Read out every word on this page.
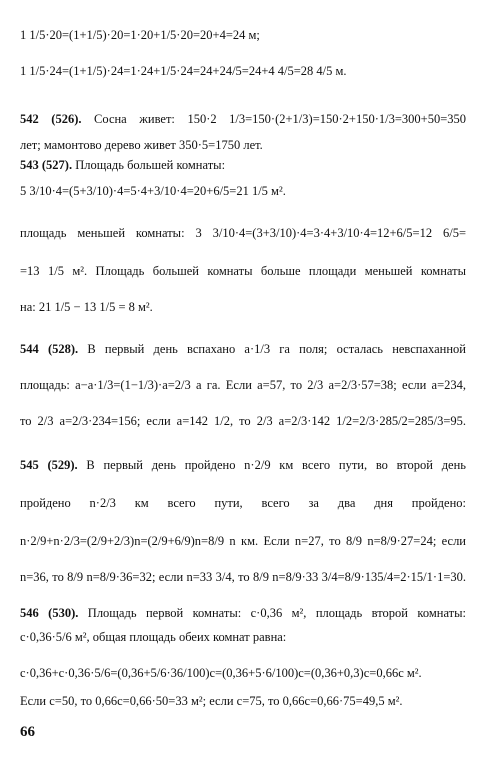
1 1/5·20=(1+1/5)·20=1·20+1/5·20=20+4=24 м;
1 1/5·24=(1+1/5)·24=1·24+1/5·24=24+24/5=24+4 4/5=28 4/5 м.
542 (526). Сосна живет: 150·2 1/3=150·(2+1/3)=150·2+150·1/3=300+50=350
лет; мамонтово дерево живет 350·5=1750 лет.
543 (527). Площадь большей комнаты:
5 3/10·4=(5+3/10)·4=5·4+3/10·4=20+6/5=21 1/5 м².
площадь меньшей комнаты: 3 3/10·4=(3+3/10)·4=3·4+3/10·4=12+6/5=12 6/5=
=13 1/5 м². Площадь большей комнаты больше площади меньшей комнаты
на: 21 1/5 − 13 1/5 = 8 м².
544 (528). В первый день вспахано a·1/3 га поля; осталась невспаханной
площадь: a−a·1/3=(1−1/3)·a=2/3 a га. Если a=57, то 2/3 a=2/3·57=38; если a=234,
то 2/3 a=2/3·234=156; если a=142 1/2, то 2/3 a=2/3·142 1/2=2/3·285/2=285/3=95.
545 (529). В первый день пройдено n·2/9 км всего пути, во второй день
пройдено n·2/3 км всего пути, всего за два дня пройдено:
n·2/9+n·2/3=(2/9+2/3)n=(2/9+6/9)n=8/9 n км. Если n=27, то 8/9 n=8/9·27=24; если
n=36, то 8/9 n=8/9·36=32; если n=33 3/4, то 8/9 n=8/9·33 3/4=8/9·135/4=2·15/1·1=30.
546 (530). Площадь первой комнаты: c·0,36 м², площадь второй комнаты:
c·0,36·5/6 м², общая площадь обеих комнат равна:
c·0,36+c·0,36·5/6=(0,36+5/6·36/100)c=(0,36+5·6/100)c=(0,36+0,3)c=0,66c м².
Если c=50, то 0,66c=0,66·50=33 м²; если c=75, то 0,66c=0,66·75=49,5 м².
66
